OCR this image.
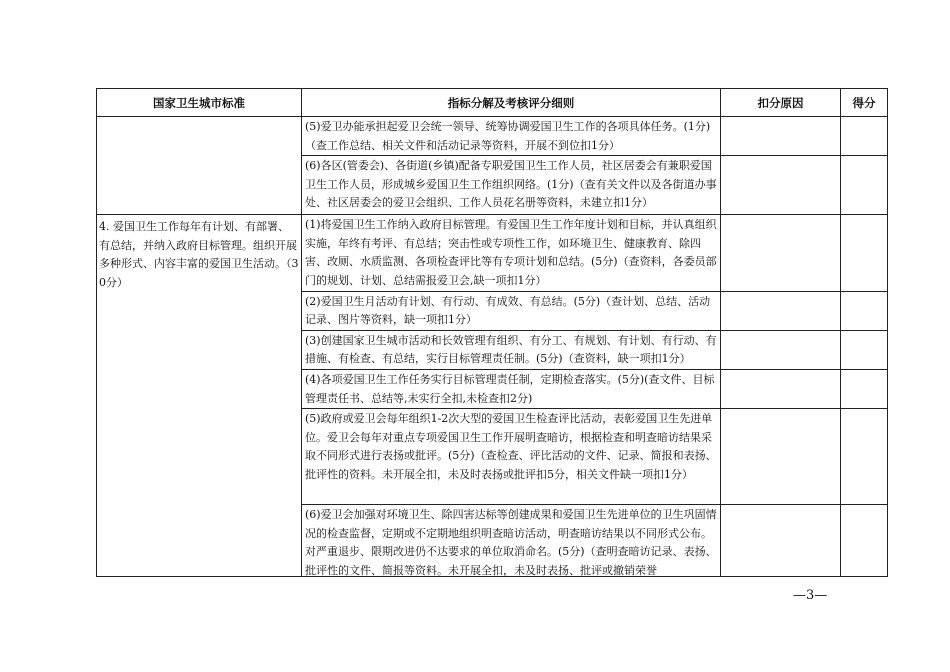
国家卫生城市标准	指标分解及考核评分细则	扣分原因	得分

	(5)爱卫办能承担起爱卫会统一领导、统筹协调爱国卫生工作的各项具体任务。(1分)（查工作总结、相关文件和活动记录等资料，开展不到位扣1分）		

	(6)各区(管委会)、各街道(乡镇)配备专职爱国卫生工作人员，社区居委会有兼职爱国卫生工作人员，形成城乡爱国卫生工作组织网络。(1分)（查有关文件以及各街道办事处、社区居委会的爱卫会组织、工作人员花名册等资料，未建立扣1分）		

4. 爱国卫生工作每年有计划、有部署、有总结，并纳入政府目标管理。组织开展多种形式、内容丰富的爱国卫生活动。（30分）	(1)将爱国卫生工作纳入政府目标管理。有爱国卫生工作年度计划和目标，并认真组织实施，年终有考评、有总结；突击性或专项性工作，如环境卫生、健康教育、除四害、改厕、水质监测、各项检查评比等有专项计划和总结。(5分)（查资料，各委员部门的规划、计划、总结需报爱卫会,缺一项扣1分）		

	(2)爱国卫生月活动有计划、有行动、有成效、有总结。(5分)（查计划、总结、活动记录、图片等资料，缺一项扣1分）		

	(3)创建国家卫生城市活动和长效管理有组织、有分工、有规划、有计划、有行动、有措施、有检查、有总结，实行目标管理责任制。(5分)（查资料，缺一项扣1分）		

	(4)各项爱国卫生工作任务实行目标管理责任制，定期检查落实。(5分)(查文件、目标管理责任书、总结等,未实行全扣,未检查扣2分)		

	(5)政府或爱卫会每年组织1-2次大型的爱国卫生检查评比活动，表彰爱国卫生先进单位。爱卫会每年对重点专项爱国卫生工作开展明查暗访，根据检查和明查暗访结果采取不同形式进行表扬或批评。(5分)（查检查、评比活动的文件、记录、简报和表扬、批评性的资料。未开展全扣，未及时表扬或批评扣5分，相关文件缺一项扣1分）		

	(6)爱卫会加强对环境卫生、除四害达标等创建成果和爱国卫生先进单位的卫生巩固情况的检查监督，定期或不定期地组织明查暗访活动，明查暗访结果以不同形式公布。对严重退步、限期改进仍不达要求的单位取消命名。(5分)（查明查暗访记录、表扬、批评性的文件、简报等资料。未开展全扣，未及时表扬、批评或撤销荣誉		

—3—
